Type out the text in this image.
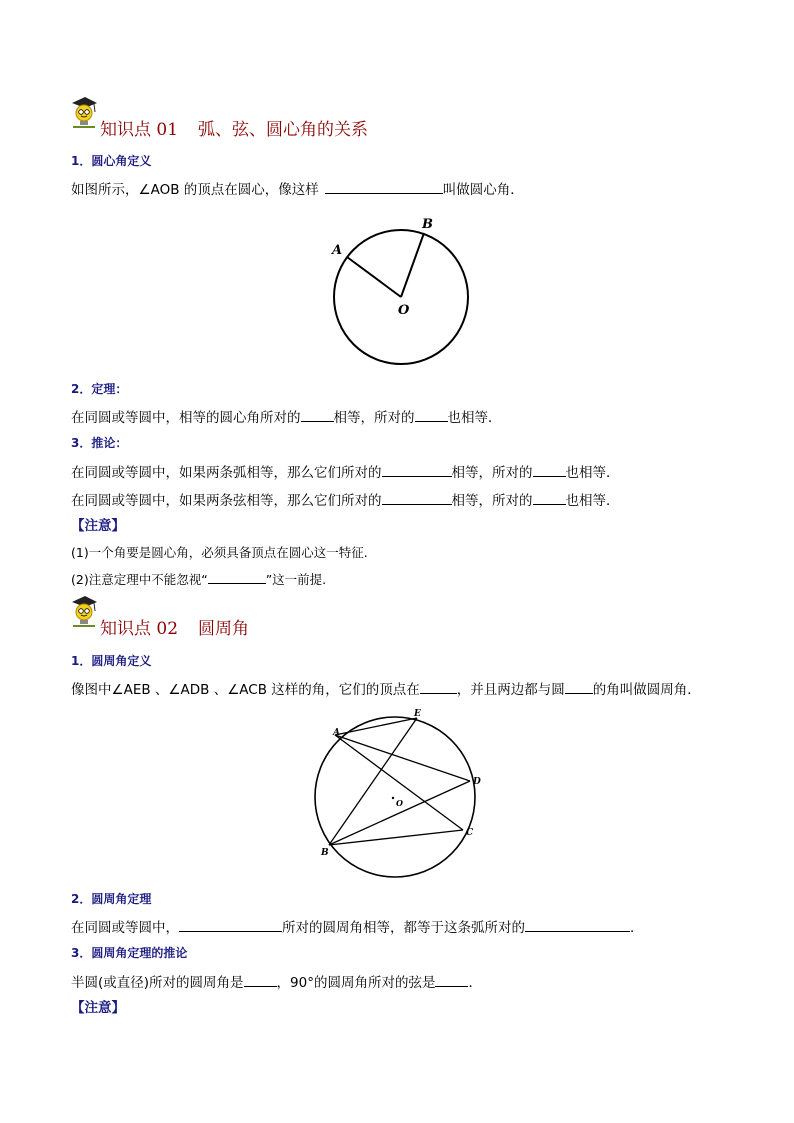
知识点 01 弧、弦、圆心角的关系
1．圆心角定义
如图所示，∠AOB 的顶点在圆心，像这样	叫做圆心角．
A
B
O
2．定理：
在同圆或等圆中，相等的圆心角所对的 相等，所对的 也相等．
3．推论：
在同圆或等圆中，如果两条弧相等，那么它们所对的	相等，所对的 也相等．
在同圆或等圆中，如果两条弦相等，那么它们所对的	相等，所对的 也相等．
【注意】
(1)一个角要是圆心角，必须具备顶点在圆心这一特征.
(2)注意定理中不能忽视“	”这一前提.
知识点 02 圆周角
1．圆周角定义
像图中∠AEB 、∠ADB 、∠ACB 这样的角，它们的顶点在	，并且两边都与圆 的角叫做圆周角．
A
E
D
C
B
O
2．圆周角定理
在同圆或等圆中，	所对的圆周角相等，都等于这条弧所对的	．
3．圆周角定理的推论
半圆(或直径)所对的圆周角是 ，90°的圆周角所对的弦是 ．
【注意】
